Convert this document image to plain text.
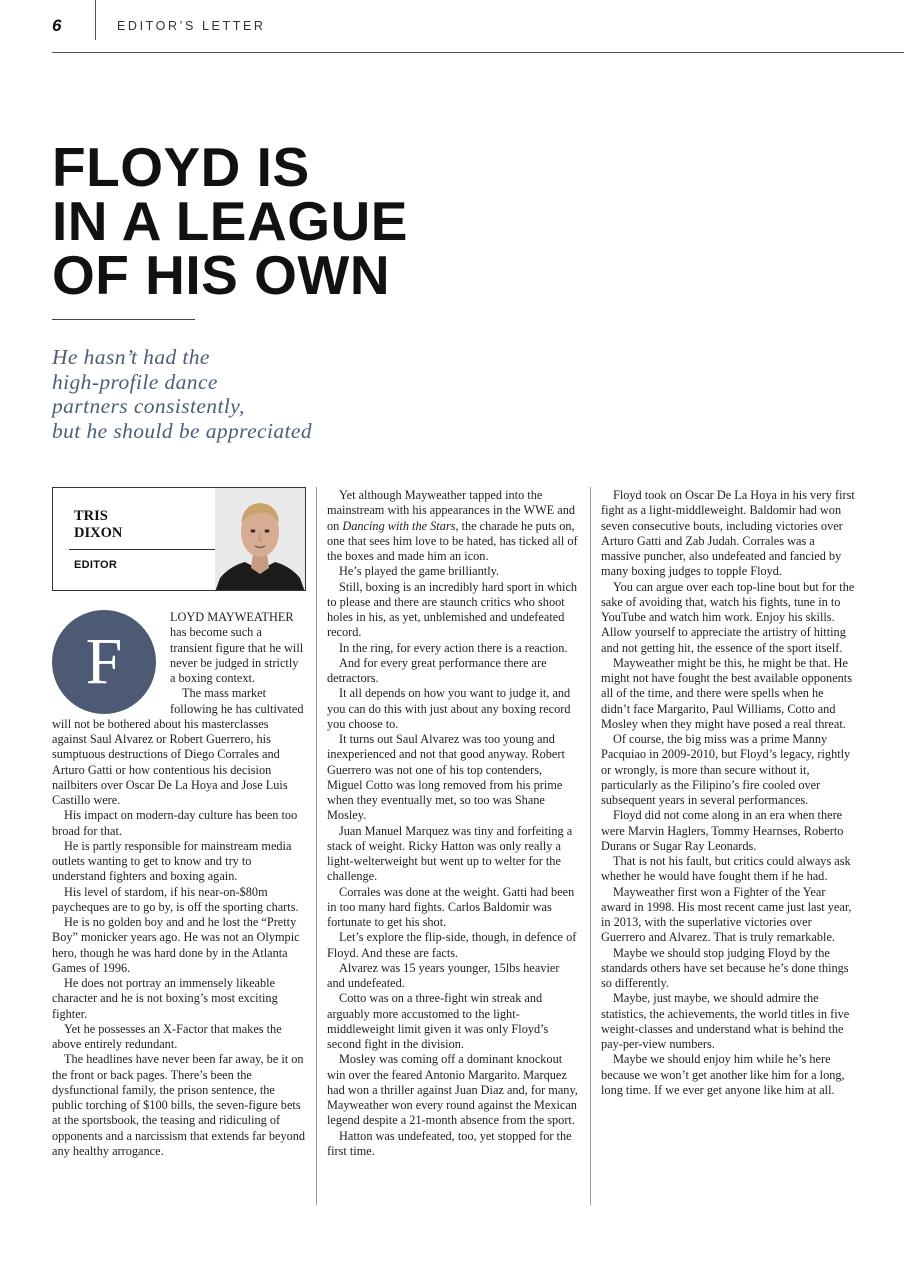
6	EDITOR’S LETTER
FLOYD IS
IN A LEAGUE
OF HIS OWN
He hasn’t had the
high-profile dance
partners consistently,
but he should be appreciated
TRIS
DIXON
EDITOR
F

LOYD MAYWEATHER has become such a transient figure that he will never be judged in strictly a boxing context.

The mass market following he has cultivated will not be bothered about his masterclasses against Saul Alvarez or Robert Guerrero, his sumptuous destructions of Diego Corrales and Arturo Gatti or how contentious his decision nailbiters over Oscar De La Hoya and Jose Luis Castillo were.

His impact on modern-day culture has been too broad for that.

He is partly responsible for mainstream media outlets wanting to get to know and try to understand fighters and boxing again.

His level of stardom, if his near-on-$80m paycheques are to go by, is off the sporting charts.

He is no golden boy and and he lost the “Pretty Boy” monicker years ago. He was not an Olympic hero, though he was hard done by in the Atlanta Games of 1996.

He does not portray an immensely likeable character and he is not boxing’s most exciting fighter.

Yet he possesses an X-Factor that makes the above entirely redundant.

The headlines have never been far away, be it on the front or back pages. There’s been the dysfunctional family, the prison sentence, the public torching of $100 bills, the seven-figure bets at the sportsbook, the teasing and ridiculing of opponents and a narcissism that extends far beyond any healthy arrogance.

Yet although Mayweather tapped into the mainstream with his appearances in the WWE and on Dancing with the Stars, the charade he puts on, one that sees him love to be hated, has ticked all of the boxes and made him an icon.

He’s played the game brilliantly.

Still, boxing is an incredibly hard sport in which to please and there are staunch critics who shoot holes in his, as yet, unblemished and undefeated record.

In the ring, for every action there is a reaction.

And for every great performance there are detractors.

It all depends on how you want to judge it, and you can do this with just about any boxing record you choose to.

It turns out Saul Alvarez was too young and inexperienced and not that good anyway. Robert Guerrero was not one of his top contenders, Miguel Cotto was long removed from his prime when they eventually met, so too was Shane Mosley.

Juan Manuel Marquez was tiny and forfeiting a stack of weight. Ricky Hatton was only really a light-welterweight but went up to welter for the challenge.

Corrales was done at the weight. Gatti had been in too many hard fights. Carlos Baldomir was fortunate to get his shot.

Let’s explore the flip-side, though, in defence of Floyd. And these are facts.

Alvarez was 15 years younger, 15lbs heavier and undefeated.

Cotto was on a three-fight win streak and arguably more accustomed to the light-middleweight limit given it was only Floyd’s second fight in the division.

Mosley was coming off a dominant knockout win over the feared Antonio Margarito. Marquez had won a thriller against Juan Diaz and, for many, Mayweather won every round against the Mexican legend despite a 21-month absence from the sport.

Hatton was undefeated, too, yet stopped for the first time.

Floyd took on Oscar De La Hoya in his very first fight as a light-middleweight. Baldomir had won seven consecutive bouts, including victories over Arturo Gatti and Zab Judah. Corrales was a massive puncher, also undefeated and fancied by many boxing judges to topple Floyd.

You can argue over each top-line bout but for the sake of avoiding that, watch his fights, tune in to YouTube and watch him work. Enjoy his skills. Allow yourself to appreciate the artistry of hitting and not getting hit, the essence of the sport itself.

Mayweather might be this, he might be that. He might not have fought the best available opponents all of the time, and there were spells when he didn’t face Margarito, Paul Williams, Cotto and Mosley when they might have posed a real threat.

Of course, the big miss was a prime Manny Pacquiao in 2009-2010, but Floyd’s legacy, rightly or wrongly, is more than secure without it, particularly as the Filipino’s fire cooled over subsequent years in several performances.

Floyd did not come along in an era when there were Marvin Haglers, Tommy Hearnses, Roberto Durans or Sugar Ray Leonards.

That is not his fault, but critics could always ask whether he would have fought them if he had.

Mayweather first won a Fighter of the Year award in 1998. His most recent came just last year, in 2013, with the superlative victories over Guerrero and Alvarez. That is truly remarkable.

Maybe we should stop judging Floyd by the standards others have set because he’s done things so differently.

Maybe, just maybe, we should admire the statistics, the achievements, the world titles in five weight-classes and understand what is behind the pay-per-view numbers.

Maybe we should enjoy him while he’s here because we won’t get another like him for a long, long time. If we ever get anyone like him at all.
